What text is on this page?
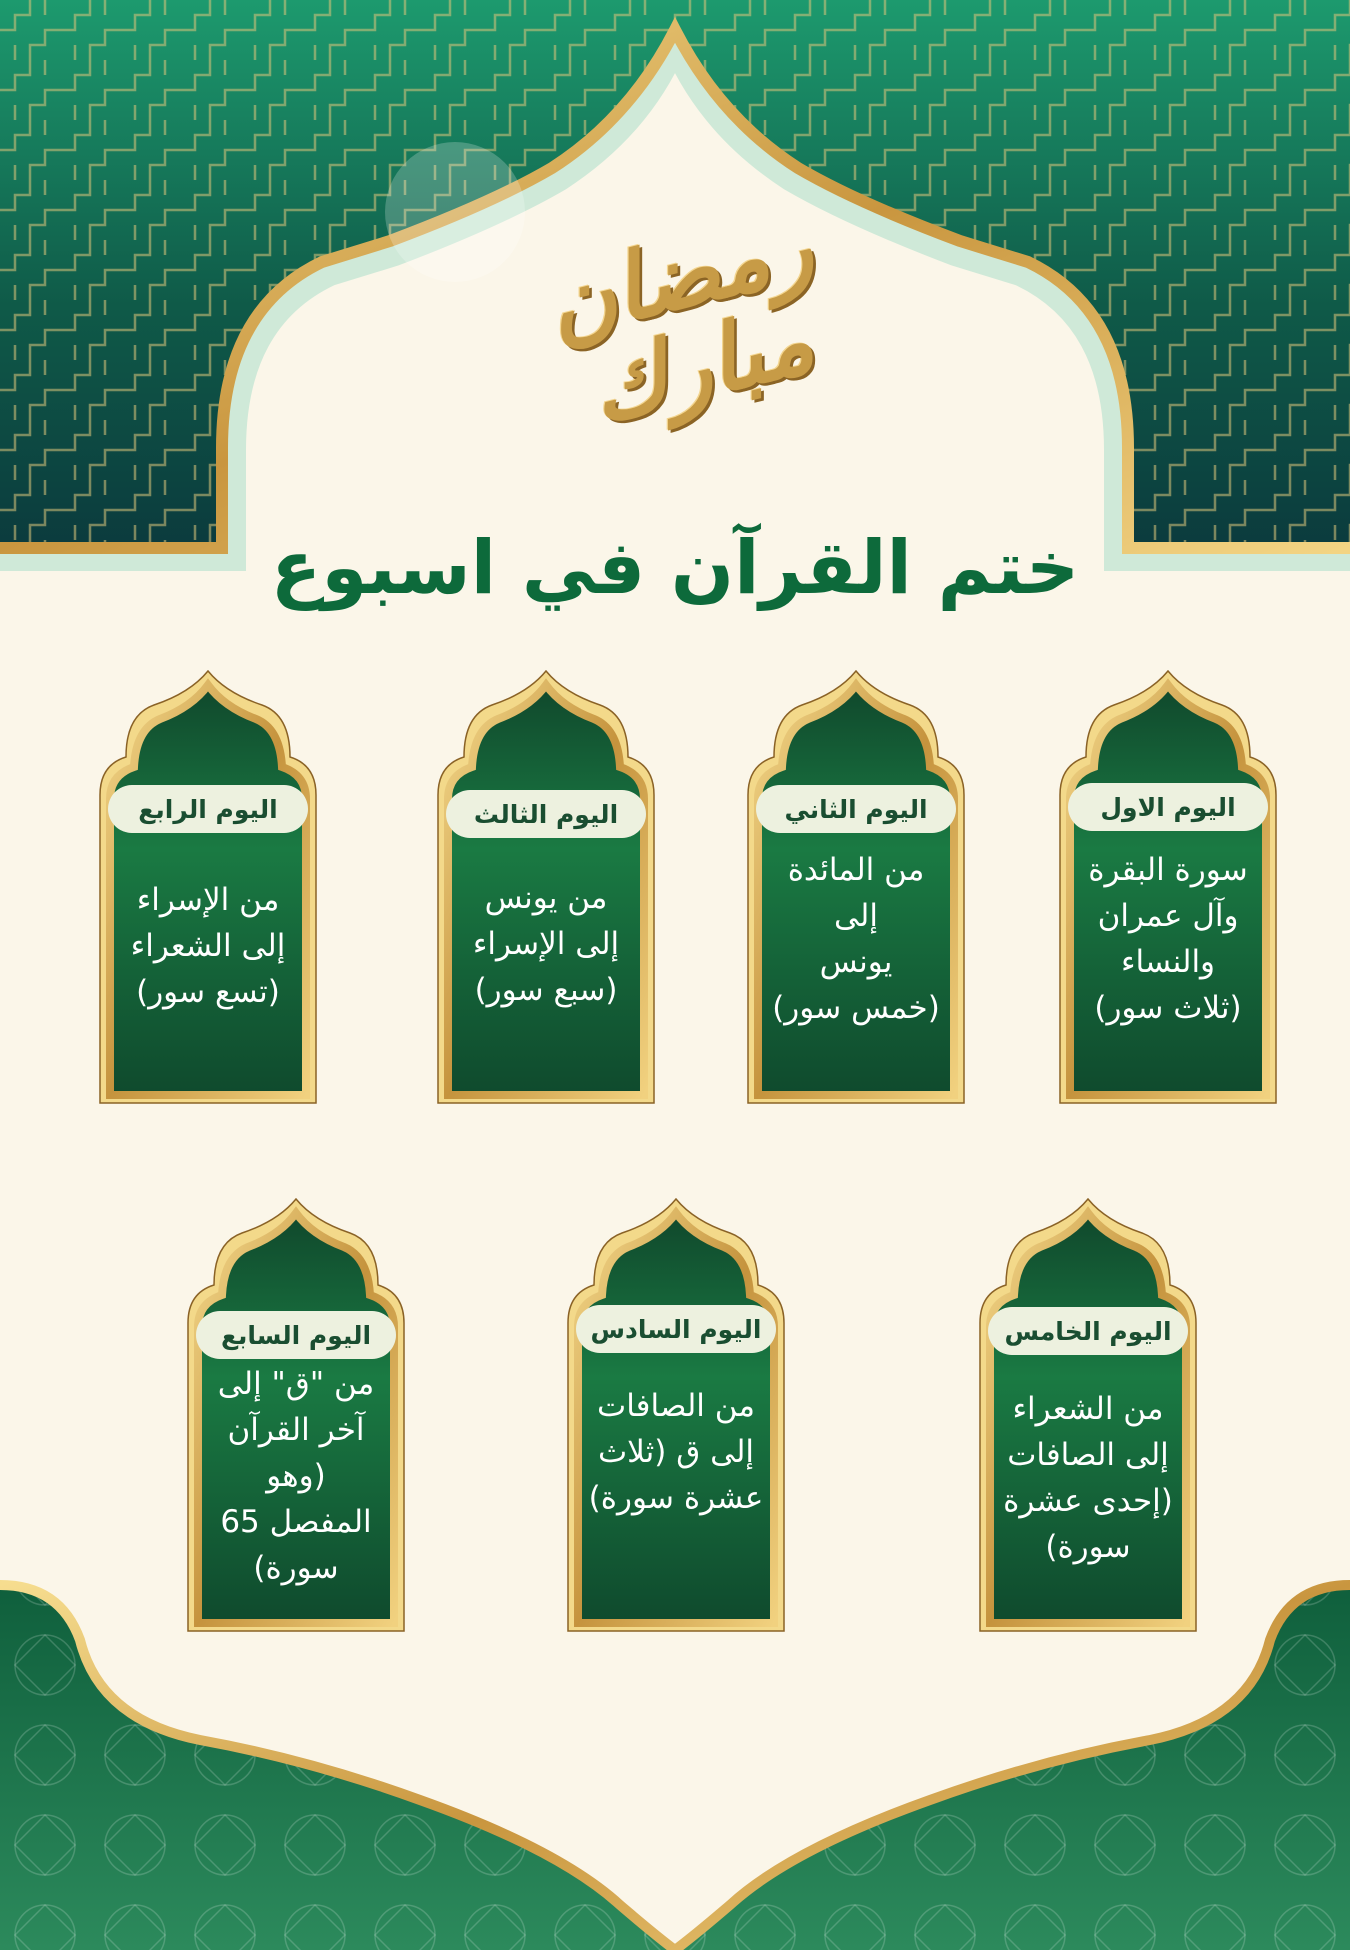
رمضان مبارك
ختم القرآن في اسبوع
اليوم الاول
سورة البقرة
وآل عمران
والنساء
(ثلاث سور)
اليوم الثاني
من المائدة
إلى
يونس
(خمس سور)
اليوم الثالث
من يونس
إلى الإسراء
(سبع سور)
اليوم الرابع
من الإسراء
إلى الشعراء
(تسع سور)
اليوم الخامس
من الشعراء
إلى الصافات
(إحدى عشرة
سورة)
اليوم السادس
من الصافات
إلى ق (ثلاث
عشرة سورة)
اليوم السابع
من "ق" إلى
آخر القرآن
(وهو
المفصل 65
سورة)
